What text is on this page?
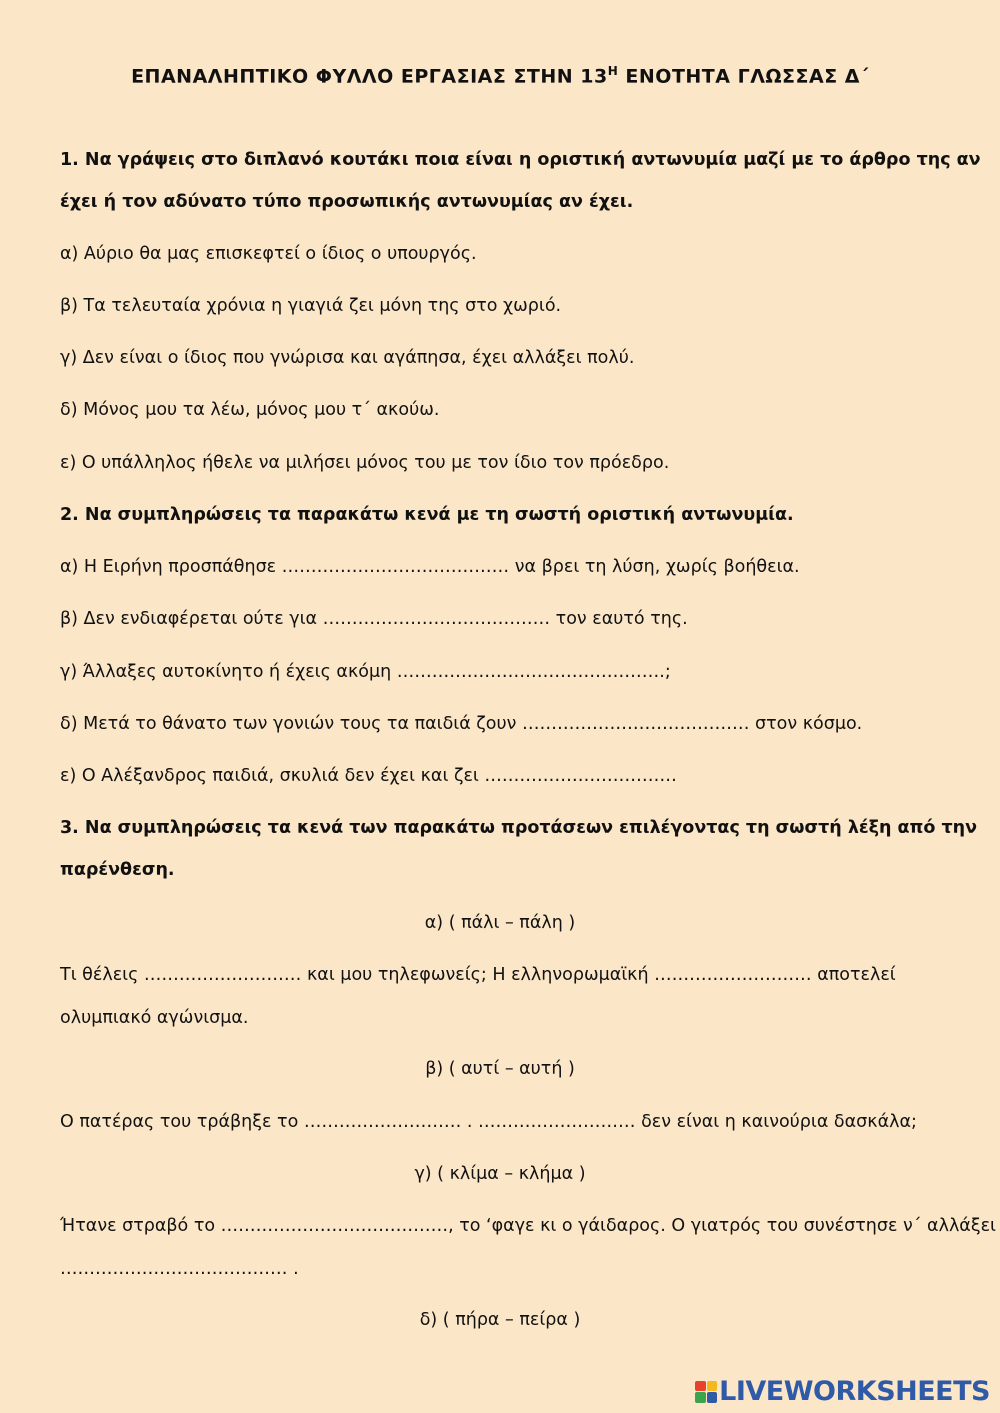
ΕΠΑΝΑΛΗΠΤΙΚΟ ΦΥΛΛΟ ΕΡΓΑΣΙΑΣ ΣΤΗΝ $13^H$ ΕΝΟΤΗΤΑ ΓΛΩΣΣΑΣ Δ΄
1. Να γράψεις στο διπλανό κουτάκι ποια είναι η οριστική αντωνυμία μαζί με το άρθρο της αν
έχει ή τον αδύνατο τύπο προσωπικής αντωνυμίας αν έχει.
α) Αύριο θα μας επισκεφτεί ο ίδιος ο υπουργός.
β) Τα τελευταία χρόνια η γιαγιά ζει μόνη της στο χωριό.
γ) Δεν είναι ο ίδιος που γνώρισα και αγάπησα, έχει αλλάξει πολύ.
δ) Μόνος μου τα λέω, μόνος μου τ΄ ακούω.
ε) Ο υπάλληλος ήθελε να μιλήσει μόνος του με τον ίδιο τον πρόεδρο.
2. Να συμπληρώσεις τα παρακάτω κενά με τη σωστή οριστική αντωνυμία.
α) Η Ειρήνη προσπάθησε ………………………………… να βρει τη λύση, χωρίς βοήθεια.
β) Δεν ενδιαφέρεται ούτε για ………………………………… τον εαυτό της.
γ) Άλλαξες αυτοκίνητο ή έχεις ακόμη ……………………………………….;
δ) Μετά το θάνατο των γονιών τους τα παιδιά ζουν ………………………………… στον κόσμο.
ε) Ο Αλέξανδρος παιδιά, σκυλιά δεν έχει και ζει ……………………………
3. Να συμπληρώσεις τα κενά των παρακάτω προτάσεων επιλέγοντας τη σωστή λέξη από την
παρένθεση.
α) ( πάλι – πάλη )
Τι θέλεις ……………………… και μου τηλεφωνείς; Η ελληνορωμαϊκή ……………………… αποτελεί
ολυμπιακό αγώνισμα.
β) ( αυτί – αυτή )
Ο πατέρας του τράβηξε το ……………………… . ……………………… δεν είναι η καινούρια δασκάλα;
γ) ( κλίμα – κλήμα )
Ήτανε στραβό το …………………………………, το ‘φαγε κι ο γάιδαρος. Ο γιατρός του συνέστησε ν΄ αλλάξει
………………………………… .
δ) ( πήρα – πείρα )
LIVEWORKSHEETS
